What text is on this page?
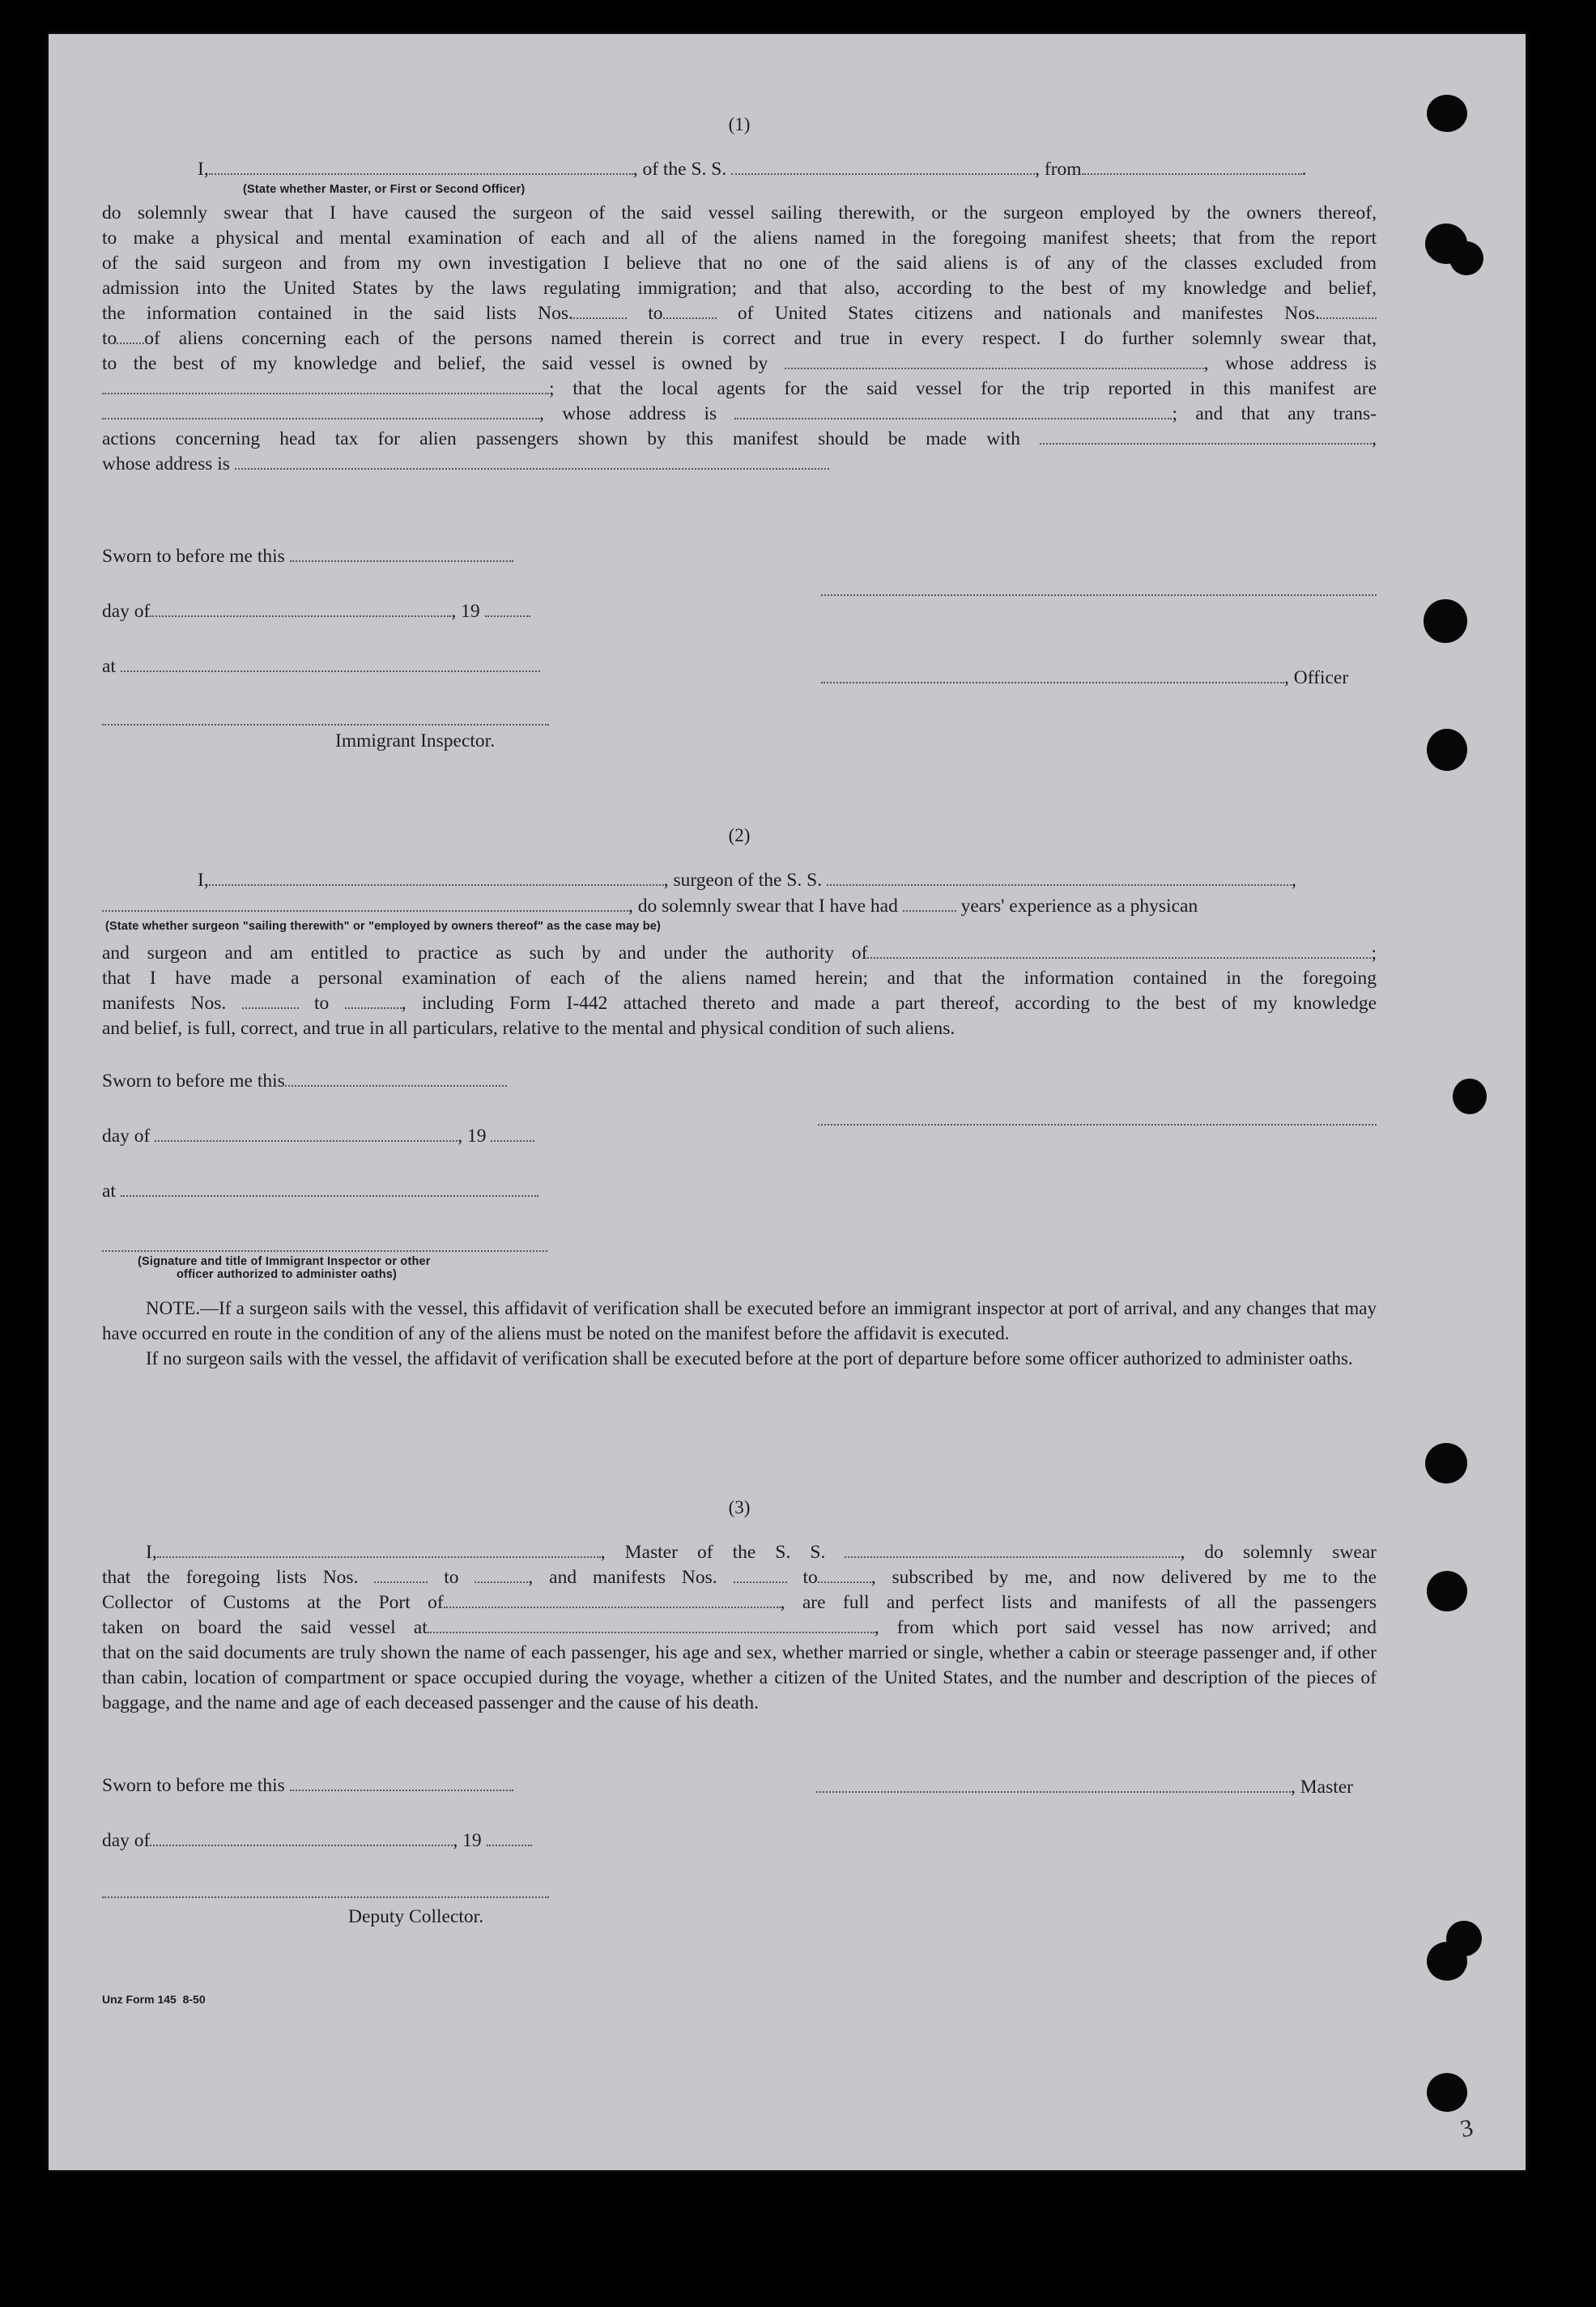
(1)
I,	, of the S. S.	, from	.
(State whether Master, or First or Second Officer)

do solemnly swear that I have caused the surgeon of the said vessel sailing therewith, or the surgeon employed by the owners thereof,

to make a physical and mental examination of each and all of the aliens named in the foregoing manifest sheets; that from the report

of the said surgeon and from my own investigation I believe that no one of the said aliens is of any of the classes excluded from

admission into the United States by the laws regulating immigration; and that also, according to the best of my knowledge and belief,

the information contained in the said lists Nos.	to	of United States citizens and nationals and manifestes Nos.

to of aliens concerning each of the persons named therein is correct and true in every respect. I do further solemnly swear that,

to the best of my knowledge and belief, the said vessel is owned by	, whose address is

; that the local agents for the said vessel for the trip reported in this manifest are

, whose address is	; and that any trans-

actions concerning head tax for alien passengers shown by this manifest should be made with	,

whose address is

Sworn to before me this
day of	, 19
at
, Officer
Immigrant Inspector.
(2)
I,	, surgeon of the S. S.	,
, do solemnly swear that I have had	years' experience as a physican
(State whether surgeon "sailing therewith" or "employed by owners thereof" as the case may be)

and surgeon and am entitled to practice as such by and under the authority of	;

that I have made a personal examination of each of the aliens named herein; and that the information contained in the foregoing

manifests Nos.	to	, including Form I-442 attached thereto and made a part thereof, according to the best of my knowledge

and belief, is full, correct, and true in all particulars, relative to the mental and physical condition of such aliens.

Sworn to before me this
day of	, 19
at
(Signature and title of Immigrant Inspector or other
officer authorized to administer oaths)

NOTE.—If a surgeon sails with the vessel, this affidavit of verification shall be executed before an immigrant inspector at port of arrival, and any changes that may have occurred en route in the condition of any of the aliens must be noted on the manifest before the affidavit is executed.

If no surgeon sails with the vessel, the affidavit of verification shall be executed before at the port of departure before some officer authorized to administer oaths.

(3)

I,	, Master of the S. S.	, do solemnly swear

that the foregoing lists Nos.	to	, and manifests Nos.	to	, subscribed by me, and now delivered by me to the

Collector of Customs at the Port of	, are full and perfect lists and manifests of all the passengers

taken on board the said vessel at	, from which port said vessel has now arrived; and

that on the said documents are truly shown the name of each passenger, his age and sex, whether married or single, whether a cabin or steerage passenger and, if other than cabin, location of compartment or space occupied during the voyage, whether a citizen of the United States, and the number and description of the pieces of baggage, and the name and age of each deceased passenger and the cause of his death.

Sworn to before me this	, Master
day of	, 19
Deputy Collector.
Unz Form 145 8-50
3
